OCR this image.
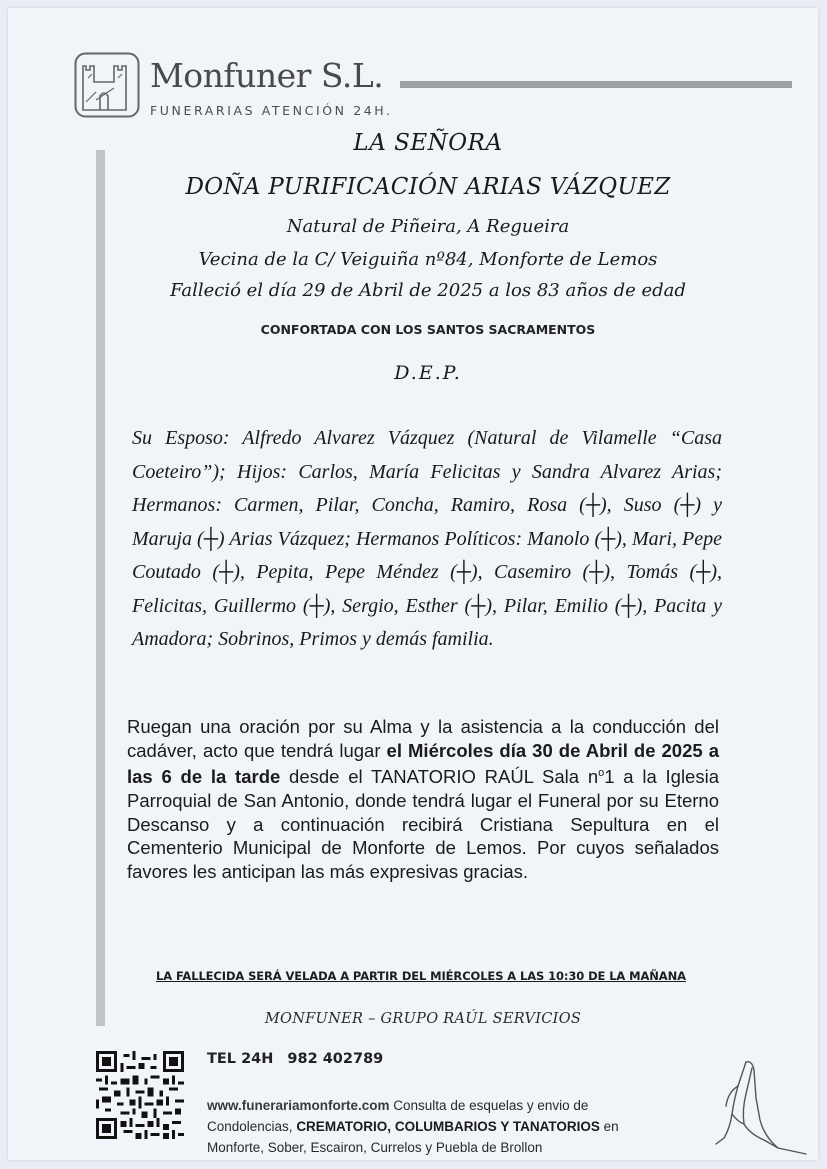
Monfuner S.L.
FUNERARIAS ATENCIÓN 24H.
LA SEÑORA
DOÑA PURIFICACIÓN ARIAS VÁZQUEZ
Natural de Piñeira, A Regueira
Vecina de la C/ Veiguiña nº84, Monforte de Lemos
Falleció el día 29 de Abril de 2025 a los 83 años de edad
CONFORTADA CON LOS SANTOS SACRAMENTOS
D.E.P.
Su Esposo: Alfredo Alvarez Vázquez (Natural de Vilamelle “Casa Coeteiro”); Hijos: Carlos, María Felicitas y Sandra Alvarez Arias; Hermanos: Carmen, Pilar, Concha, Ramiro, Rosa (┼), Suso (┼) y Maruja (┼) Arias Vázquez; Hermanos Políticos: Manolo (┼), Mari, Pepe Coutado (┼), Pepita, Pepe Méndez (┼), Casemiro (┼), Tomás (┼), Felicitas, Guillermo (┼), Sergio, Esther (┼), Pilar, Emilio (┼), Pacita y Amadora; Sobrinos, Primos y demás familia.
Ruegan una oración por su Alma y la asistencia a la conducción del cadáver, acto que tendrá lugar el Miércoles día 30 de Abril de 2025 a las 6 de la tarde desde el TANATORIO RAÚL Sala $n^o1$ a la Iglesia Parroquial de San Antonio, donde tendrá lugar el Funeral por su Eterno Descanso y a continuación recibirá Cristiana Sepultura en el Cementerio Municipal de Monforte de Lemos. Por cuyos señalados favores les anticipan las más expresivas gracias.
LA FALLECIDA SERÁ VELADA A PARTIR DEL MIÉRCOLES A LAS 10:30 DE LA MAÑANA
MONFUNER – GRUPO RAÚL SERVICIOS
TEL 24H 982 402789
www.funerariamonforte.com Consulta de esquelas y envio de Condolencias, CREMATORIO, COLUMBARIOS Y TANATORIOS en Monforte, Sober, Escairon, Currelos y Puebla de Brollon
